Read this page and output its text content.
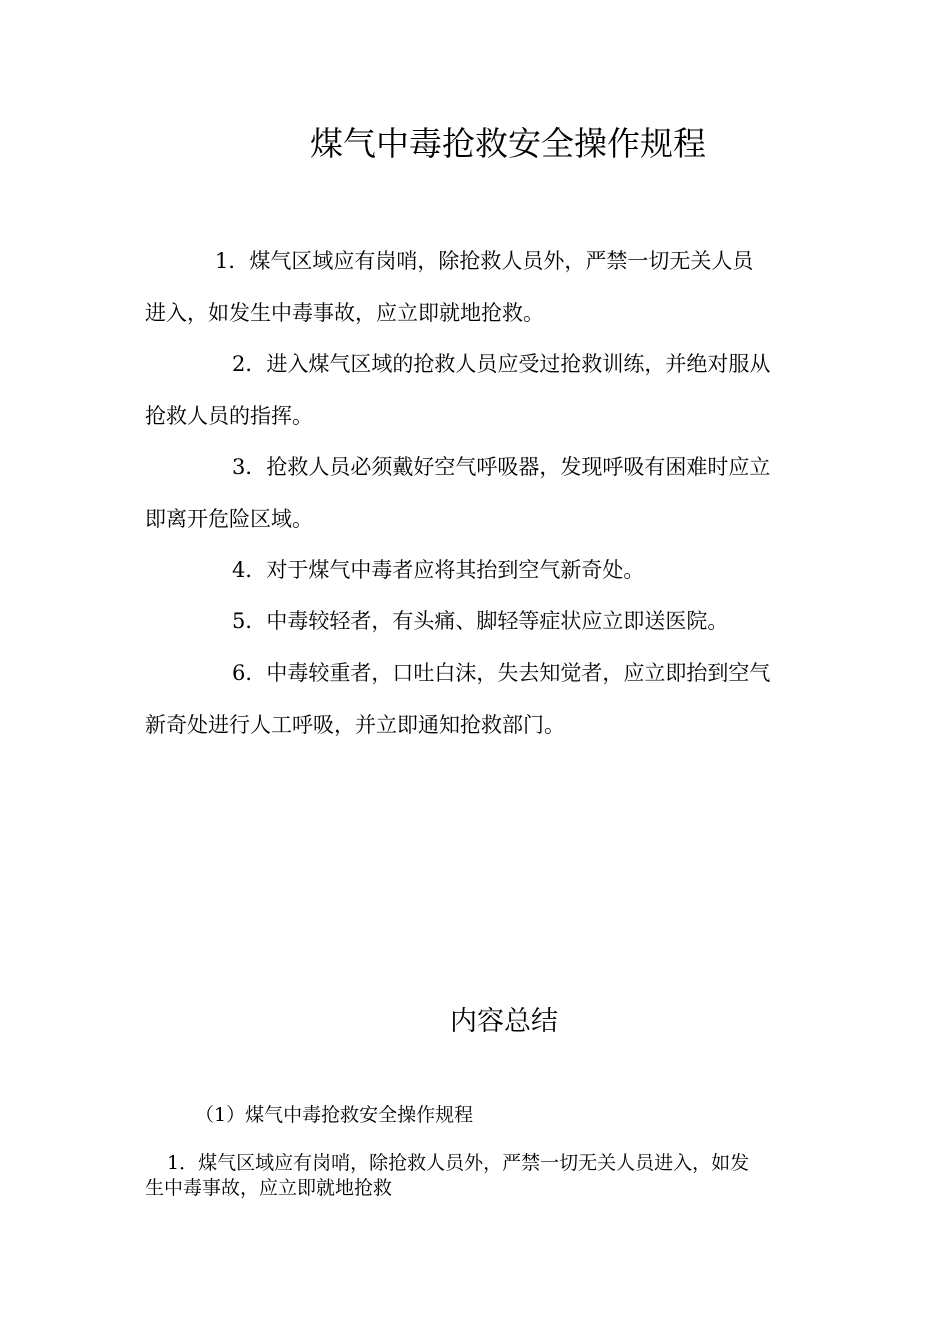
煤气中毒抢救安全操作规程
1．煤气区域应有岗哨，除抢救人员外，严禁一切无关人员
进入，如发生中毒事故，应立即就地抢救。
2．进入煤气区域的抢救人员应受过抢救训练，并绝对服从
抢救人员的指挥。
3．抢救人员必须戴好空气呼吸器，发现呼吸有困难时应立
即离开危险区域。
4．对于煤气中毒者应将其抬到空气新奇处。
5．中毒较轻者，有头痛、脚轻等症状应立即送医院。
6．中毒较重者，口吐白沫，失去知觉者，应立即抬到空气
新奇处进行人工呼吸，并立即通知抢救部门。
内容总结
（1）煤气中毒抢救安全操作规程
1．煤气区域应有岗哨，除抢救人员外，严禁一切无关人员进入，如发
生中毒事故，应立即就地抢救
